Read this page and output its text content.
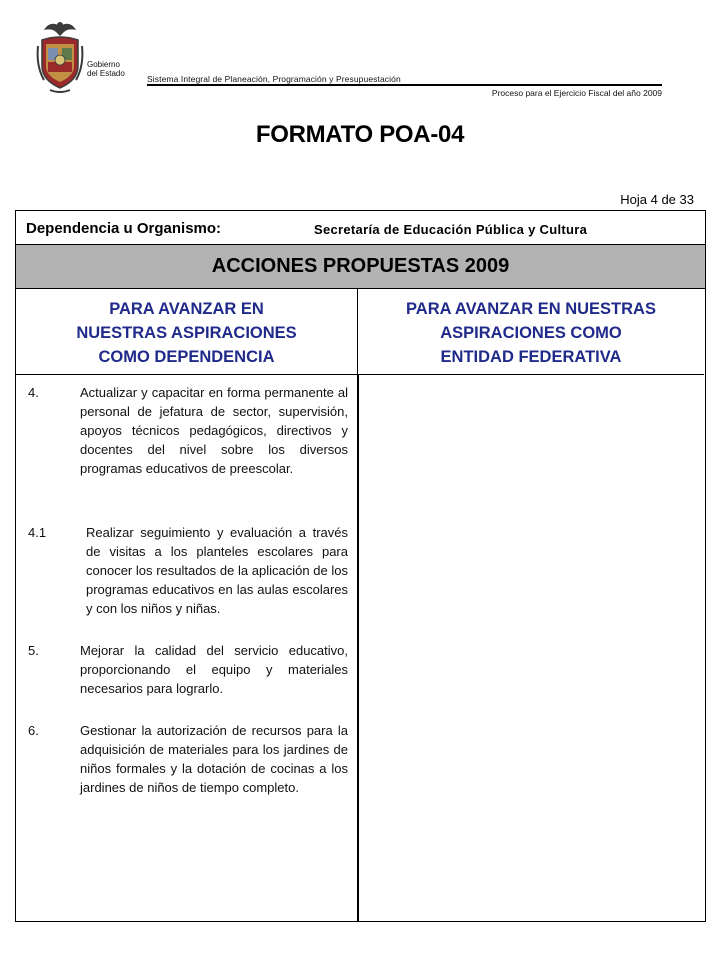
Gobierno
del Estado
Sistema Integral de Planeación, Programación y Presupuestación
Proceso para el Ejercicio Fiscal del año 2009
FORMATO POA-04
Hoja 4 de 33
Dependencia u Organismo:	Secretaría de Educación Pública y Cultura
ACCIONES PROPUESTAS 2009
PARA AVANZAR EN
NUESTRAS ASPIRACIONES
COMO DEPENDENCIA
PARA AVANZAR EN NUESTRAS
ASPIRACIONES COMO
ENTIDAD FEDERATIVA
4.	Actualizar y capacitar en forma permanente al personal de jefatura de sector, supervisión, apoyos técnicos pedagógicos, directivos y docentes del nivel sobre los diversos programas educativos de preescolar.
4.1	Realizar seguimiento y evaluación a través de visitas a los planteles escolares para conocer los resultados de la aplicación de los programas educativos en las aulas escolares y con los niños y niñas.
5.	Mejorar la calidad del servicio educativo, proporcionando el equipo y materiales necesarios para lograrlo.
6.	Gestionar la autorización de recursos para la adquisición de materiales para los jardines de niños formales y la dotación de cocinas a los jardines de niños de tiempo completo.
